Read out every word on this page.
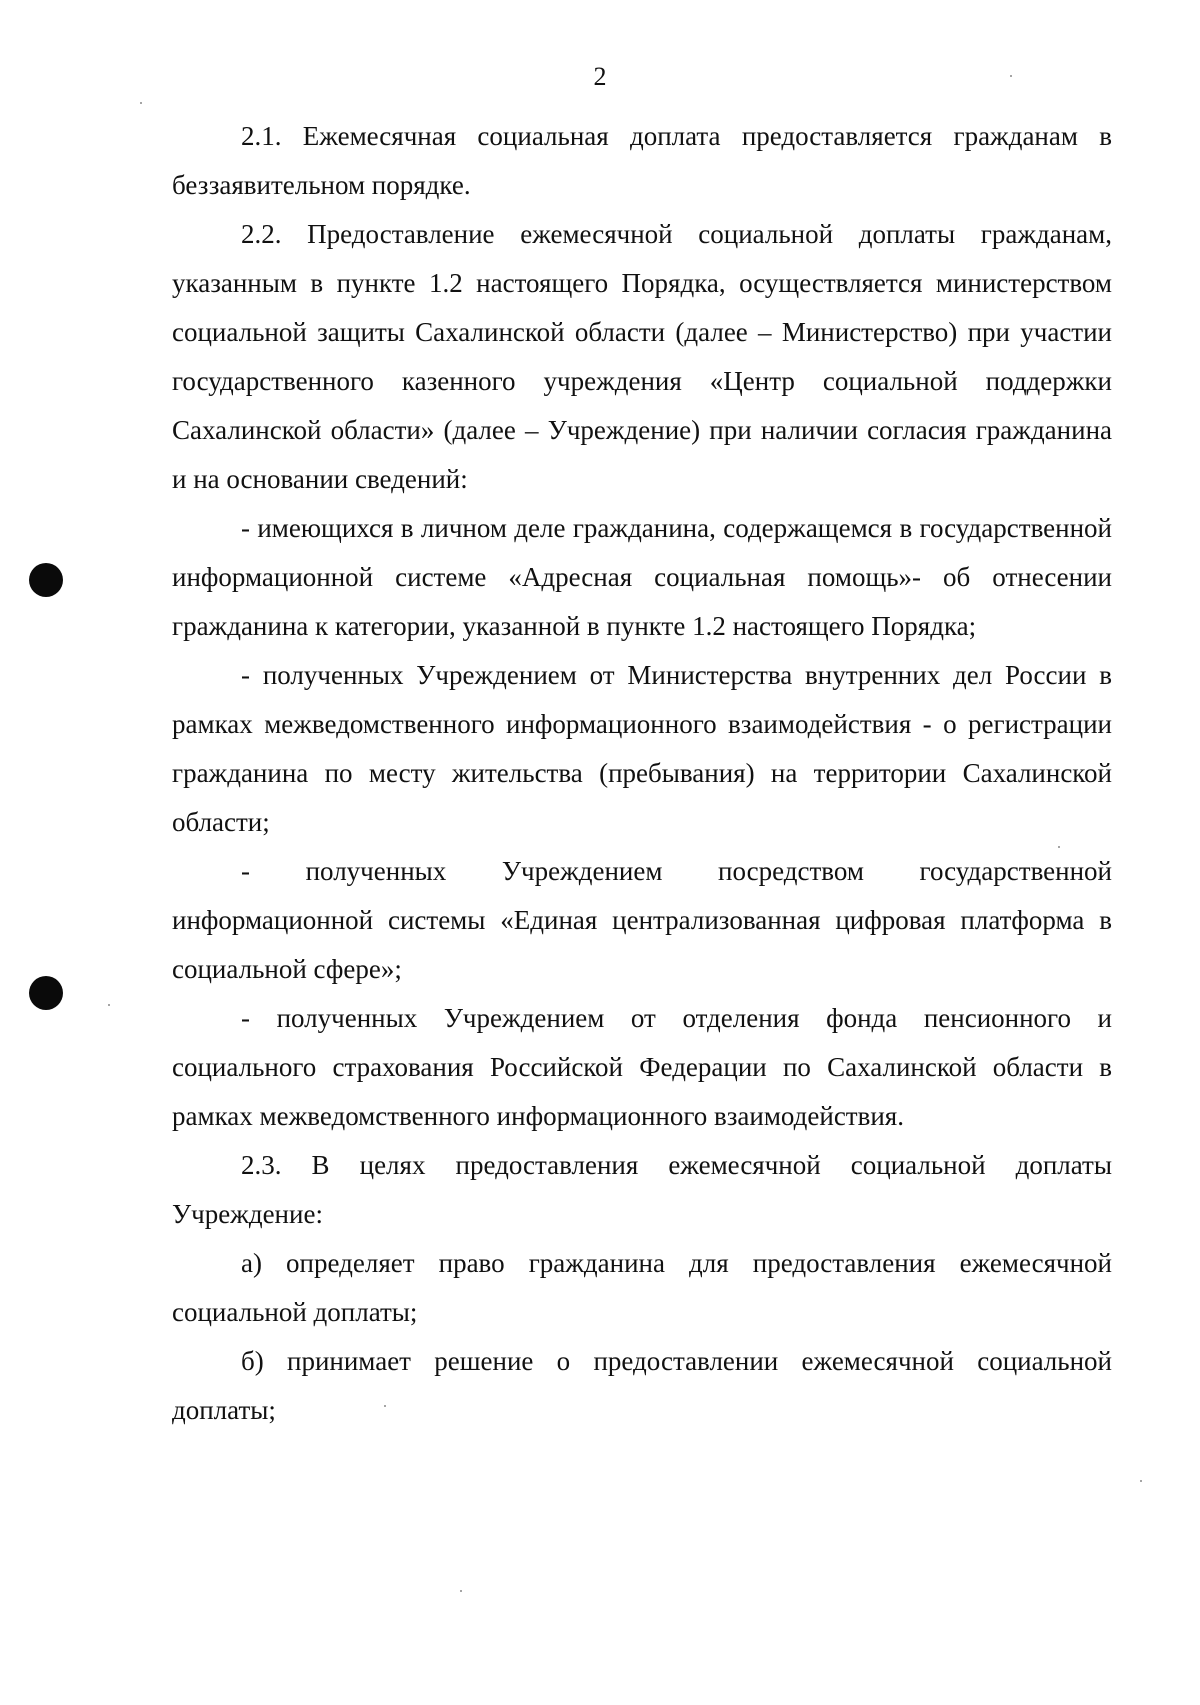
2

2.1. Ежемесячная социальная доплата предоставляется гражданам в беззаявительном порядке.

2.2. Предоставление ежемесячной социальной доплаты гражданам, указанным в пункте 1.2 настоящего Порядка, осуществляется министерством социальной защиты Сахалинской области (далее – Министерство) при участии государственного казенного учреждения «Центр социальной поддержки Сахалинской области» (далее – Учреждение) при наличии согласия гражданина и на основании сведений:

- имеющихся в личном деле гражданина, содержащемся в государственной информационной системе «Адресная социальная помощь»- об отнесении гражданина к категории, указанной в пункте 1.2 настоящего Порядка;

- полученных Учреждением от Министерства внутренних дел России в рамках межведомственного информационного взаимодействия - о регистрации гражданина по месту жительства (пребывания) на территории Сахалинской области;

- полученных Учреждением посредством государственной информационной системы «Единая централизованная цифровая платформа в социальной сфере»;

- полученных Учреждением от отделения фонда пенсионного и социального страхования Российской Федерации по Сахалинской области в рамках межведомственного информационного взаимодействия.

2.3. В целях предоставления ежемесячной социальной доплаты Учреждение:

а) определяет право гражданина для предоставления ежемесячной социальной доплаты;

б) принимает решение о предоставлении ежемесячной социальной доплаты;
